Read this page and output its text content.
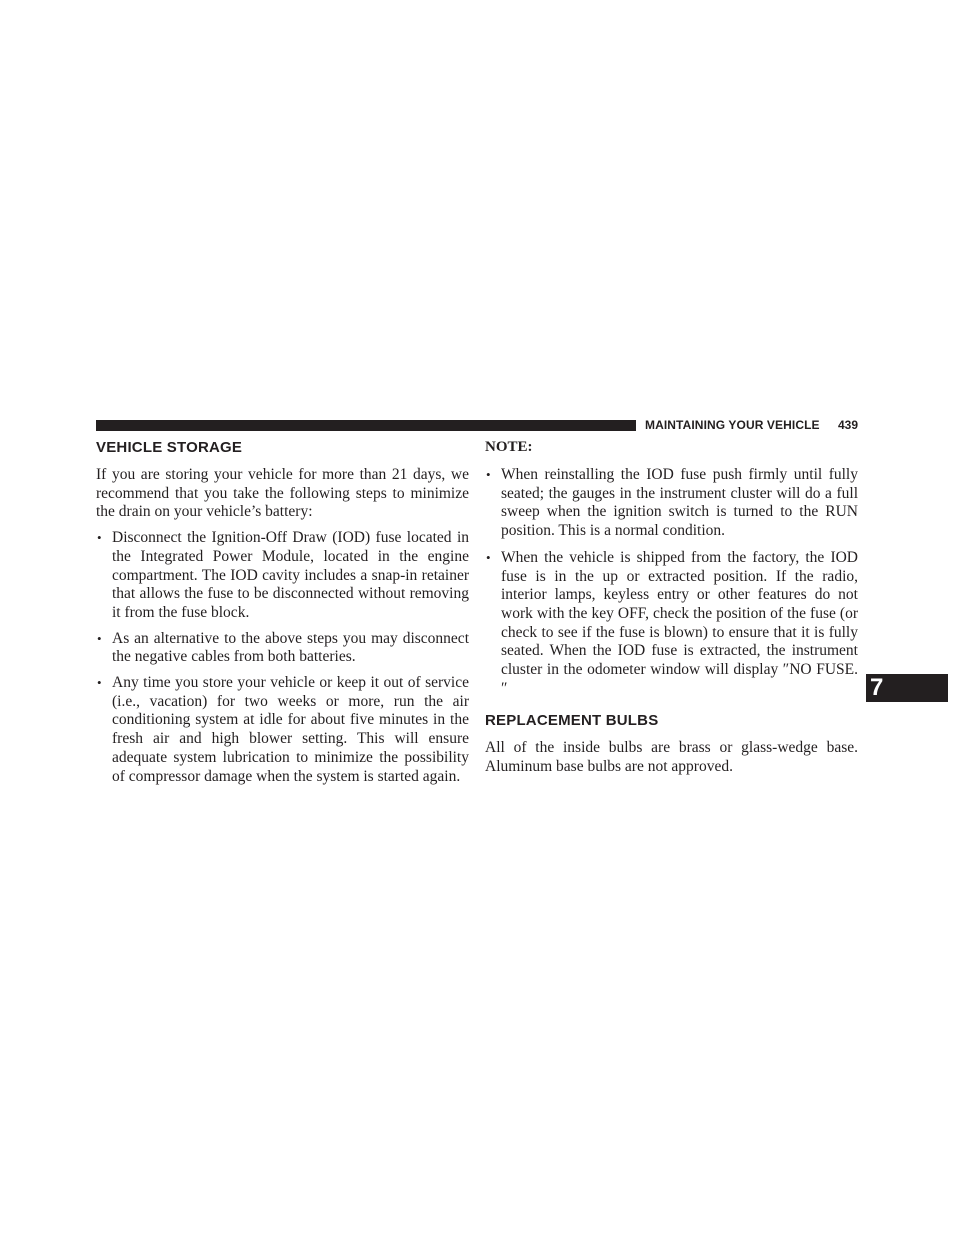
MAINTAINING YOUR VEHICLE 439
7
VEHICLE STORAGE

If you are storing your vehicle for more than 21 days, we recommend that you take the following steps to minimize the drain on your vehicle’s battery:

• Disconnect the Ignition-Off Draw (IOD) fuse located in the Integrated Power Module, located in the engine compartment. The IOD cavity includes a snap-in retainer that allows the fuse to be disconnected without removing it from the fuse block.
• As an alternative to the above steps you may disconnect the negative cables from both batteries.
• Any time you store your vehicle or keep it out of service (i.e., vacation) for two weeks or more, run the air conditioning system at idle for about five minutes in the fresh air and high blower setting. This will ensure adequate system lubrication to minimize the possibility of compressor damage when the system is started again.
NOTE:
• When reinstalling the IOD fuse push firmly until fully seated; the gauges in the instrument cluster will do a full sweep when the ignition switch is turned to the RUN position. This is a normal condition.
• When the vehicle is shipped from the factory, the IOD fuse is in the up or extracted position. If the radio, interior lamps, keyless entry or other features do not work with the key OFF, check the position of the fuse (or check to see if the fuse is blown) to ensure that it is fully seated. When the IOD fuse is extracted, the instrument cluster in the odometer window will display ″NO FUSE.″
REPLACEMENT BULBS

All of the inside bulbs are brass or glass-wedge base. Aluminum base bulbs are not approved.
